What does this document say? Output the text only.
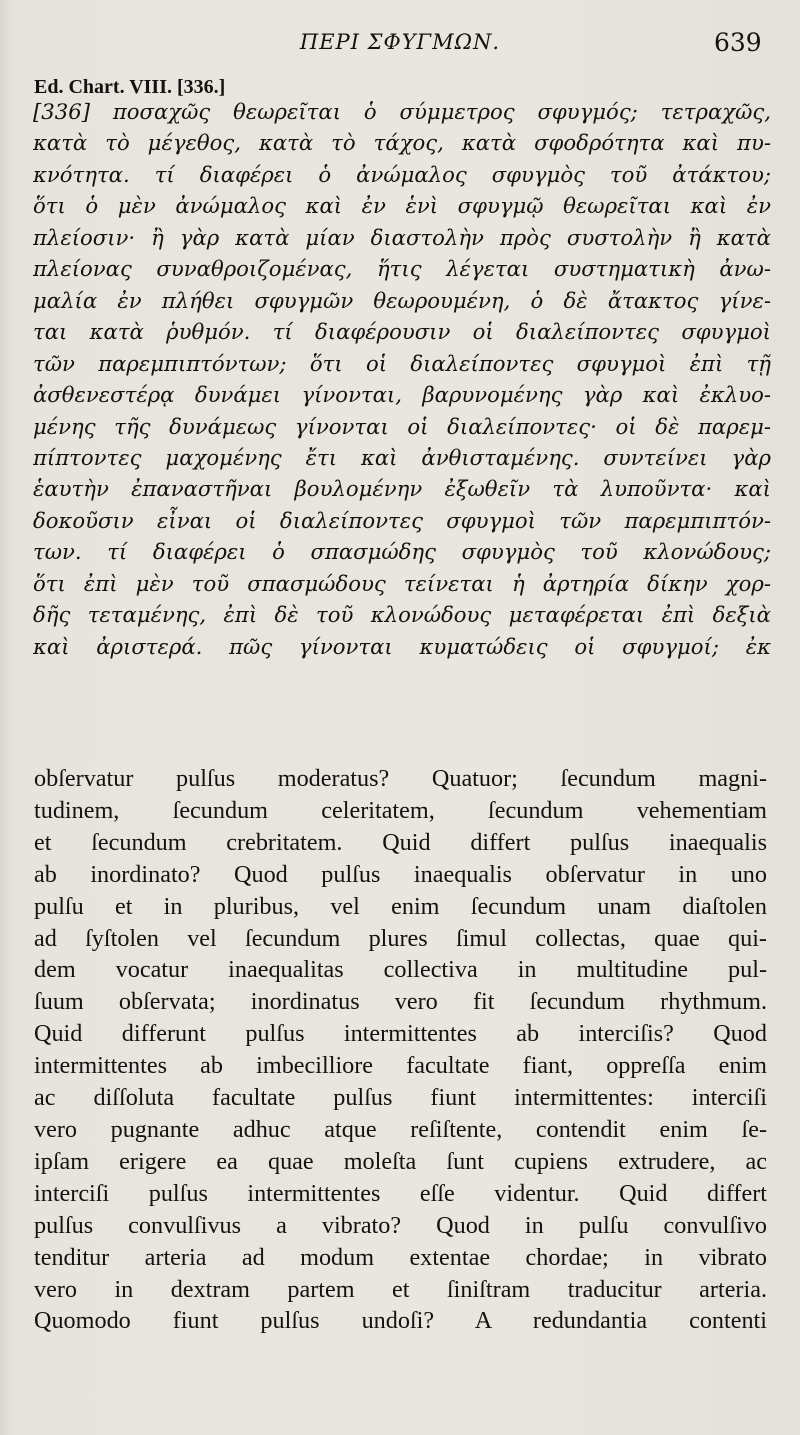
ΠΕΡΙ ΣΦΥΓΜΩΝ.	639
Ed. Chart. VIII. [336.]
[336] ποσαχῶς θεωρεῖται ὁ σύμμετρος σφυγμός; τετραχῶς,
κατὰ τὸ μέγεθος, κατὰ τὸ τάχος, κατὰ σφοδρότητα καὶ πυ-
κνότητα. τί διαφέρει ὁ ἀνώμαλος σφυγμὸς τοῦ ἀτάκτου;
ὅτι ὁ μὲν ἀνώμαλος καὶ ἐν ἑνὶ σφυγμῷ θεωρεῖται καὶ ἐν
πλείοσιν· ἢ γὰρ κατὰ μίαν διαστολὴν πρὸς συστολὴν ἢ κατὰ
πλείονας συναθροιζομένας, ἥτις λέγεται συστηματικὴ ἀνω-
μαλία ἐν πλήθει σφυγμῶν θεωρουμένη, ὁ δὲ ἄτακτος γίνε-
ται κατὰ ῥυθμόν. τί διαφέρουσιν οἱ διαλείποντες σφυγμοὶ
τῶν παρεμπιπτόντων; ὅτι οἱ διαλείποντες σφυγμοὶ ἐπὶ τῇ
ἀσθενεστέρᾳ δυνάμει γίνονται, βαρυνομένης γὰρ καὶ ἐκλυο-
μένης τῆς δυνάμεως γίνονται οἱ διαλείποντες· οἱ δὲ παρεμ-
πίπτοντες μαχομένης ἔτι καὶ ἀνθισταμένης. συντείνει γὰρ
ἑαυτὴν ἐπαναστῆναι βουλομένην ἐξωθεῖν τὰ λυποῦντα· καὶ
δοκοῦσιν εἶναι οἱ διαλείποντες σφυγμοὶ τῶν παρεμπιπτόν-
των. τί διαφέρει ὁ σπασμώδης σφυγμὸς τοῦ κλονώδους;
ὅτι ἐπὶ μὲν τοῦ σπασμώδους τείνεται ἡ ἀρτηρία δίκην χορ-
δῆς τεταμένης, ἐπὶ δὲ τοῦ κλονώδους μεταφέρεται ἐπὶ δεξιὰ
καὶ ἀριστερά. πῶς γίνονται κυματώδεις οἱ σφυγμοί; ἐκ
obſervatur pulſus moderatus? Quatuor; ſecundum magni-
tudinem, ſecundum celeritatem, ſecundum vehementiam
et ſecundum crebritatem. Quid differt pulſus inaequalis
ab inordinato? Quod pulſus inaequalis obſervatur in uno
pulſu et in pluribus, vel enim ſecundum unam diaſtolen
ad ſyſtolen vel ſecundum plures ſimul collectas, quae qui-
dem vocatur inaequalitas collectiva in multitudine pul-
ſuum obſervata; inordinatus vero fit ſecundum rhythmum.
Quid differunt pulſus intermittentes ab interciſis? Quod
intermittentes ab imbecilliore facultate fiant, oppreſſa enim
ac diſſoluta facultate pulſus fiunt intermittentes: interciſi
vero pugnante adhuc atque reſiſtente, contendit enim ſe-
ipſam erigere ea quae moleſta ſunt cupiens extrudere, ac
interciſi pulſus intermittentes eſſe videntur. Quid differt
pulſus convulſivus a vibrato? Quod in pulſu convulſivo
tenditur arteria ad modum extentae chordae; in vibrato
vero in dextram partem et ſiniſtram traducitur arteria.
Quomodo fiunt pulſus undoſi? A redundantia contenti
